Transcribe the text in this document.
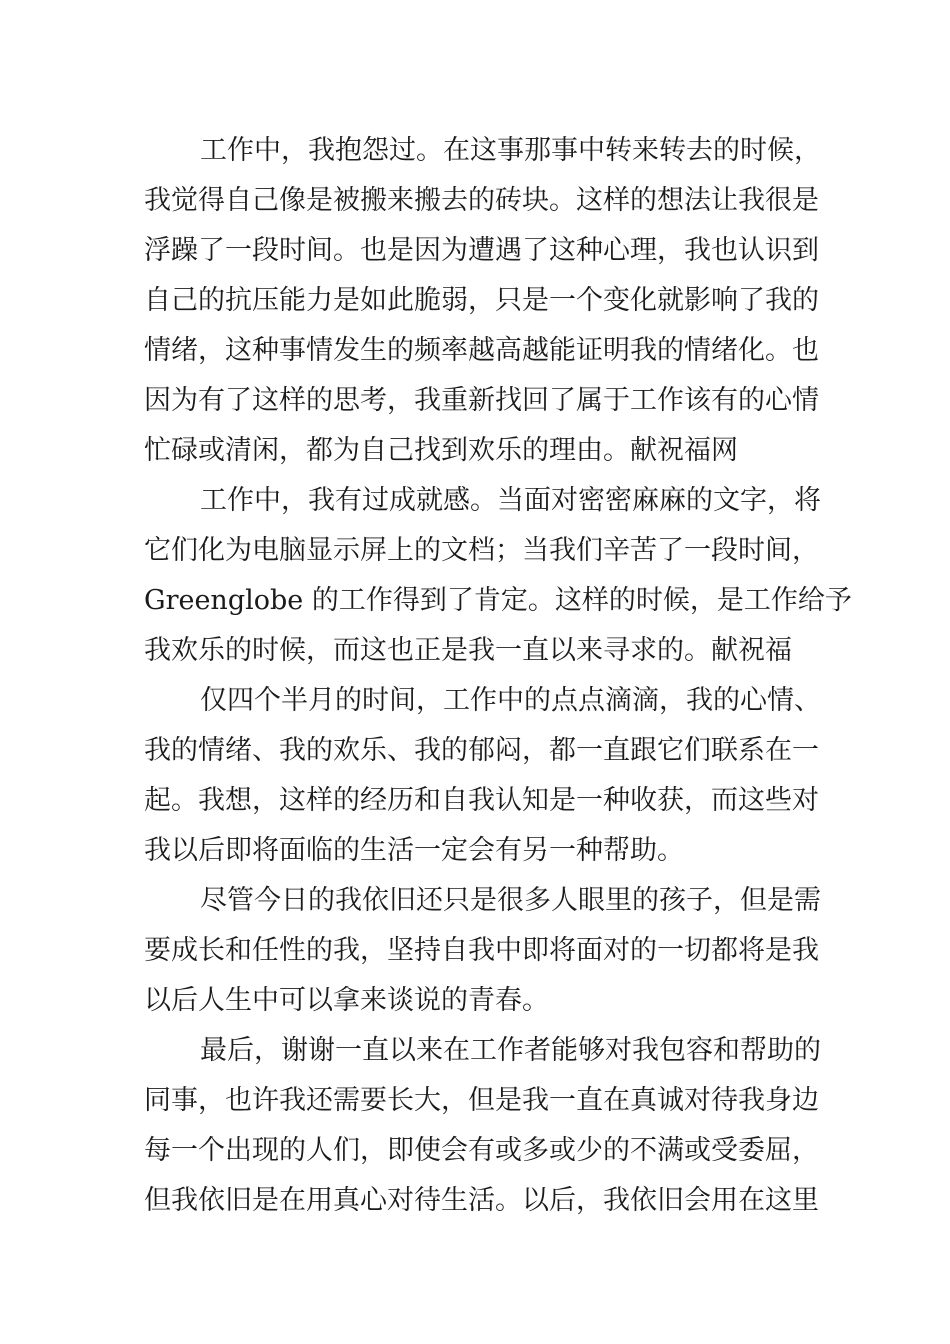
工作中，我抱怨过。在这事那事中转来转去的时候，
我觉得自己像是被搬来搬去的砖块。这样的想法让我很是
浮躁了一段时间。也是因为遭遇了这种心理，我也认识到
自己的抗压能力是如此脆弱，只是一个变化就影响了我的
情绪，这种事情发生的频率越高越能证明我的情绪化。也
因为有了这样的思考，我重新找回了属于工作该有的心情
忙碌或清闲，都为自己找到欢乐的理由。献祝福网
工作中，我有过成就感。当面对密密麻麻的文字，将
它们化为电脑显示屏上的文档；当我们辛苦了一段时间，
Greenglobe 的工作得到了肯定。这样的时候，是工作给予
我欢乐的时候，而这也正是我一直以来寻求的。献祝福
仅四个半月的时间，工作中的点点滴滴，我的心情、
我的情绪、我的欢乐、我的郁闷，都一直跟它们联系在一
起。我想，这样的经历和自我认知是一种收获，而这些对
我以后即将面临的生活一定会有另一种帮助。
尽管今日的我依旧还只是很多人眼里的孩子，但是需
要成长和任性的我，坚持自我中即将面对的一切都将是我
以后人生中可以拿来谈说的青春。
最后，谢谢一直以来在工作者能够对我包容和帮助的
同事，也许我还需要长大，但是我一直在真诚对待我身边
每一个出现的人们，即使会有或多或少的不满或受委屈，
但我依旧是在用真心对待生活。以后，我依旧会用在这里
